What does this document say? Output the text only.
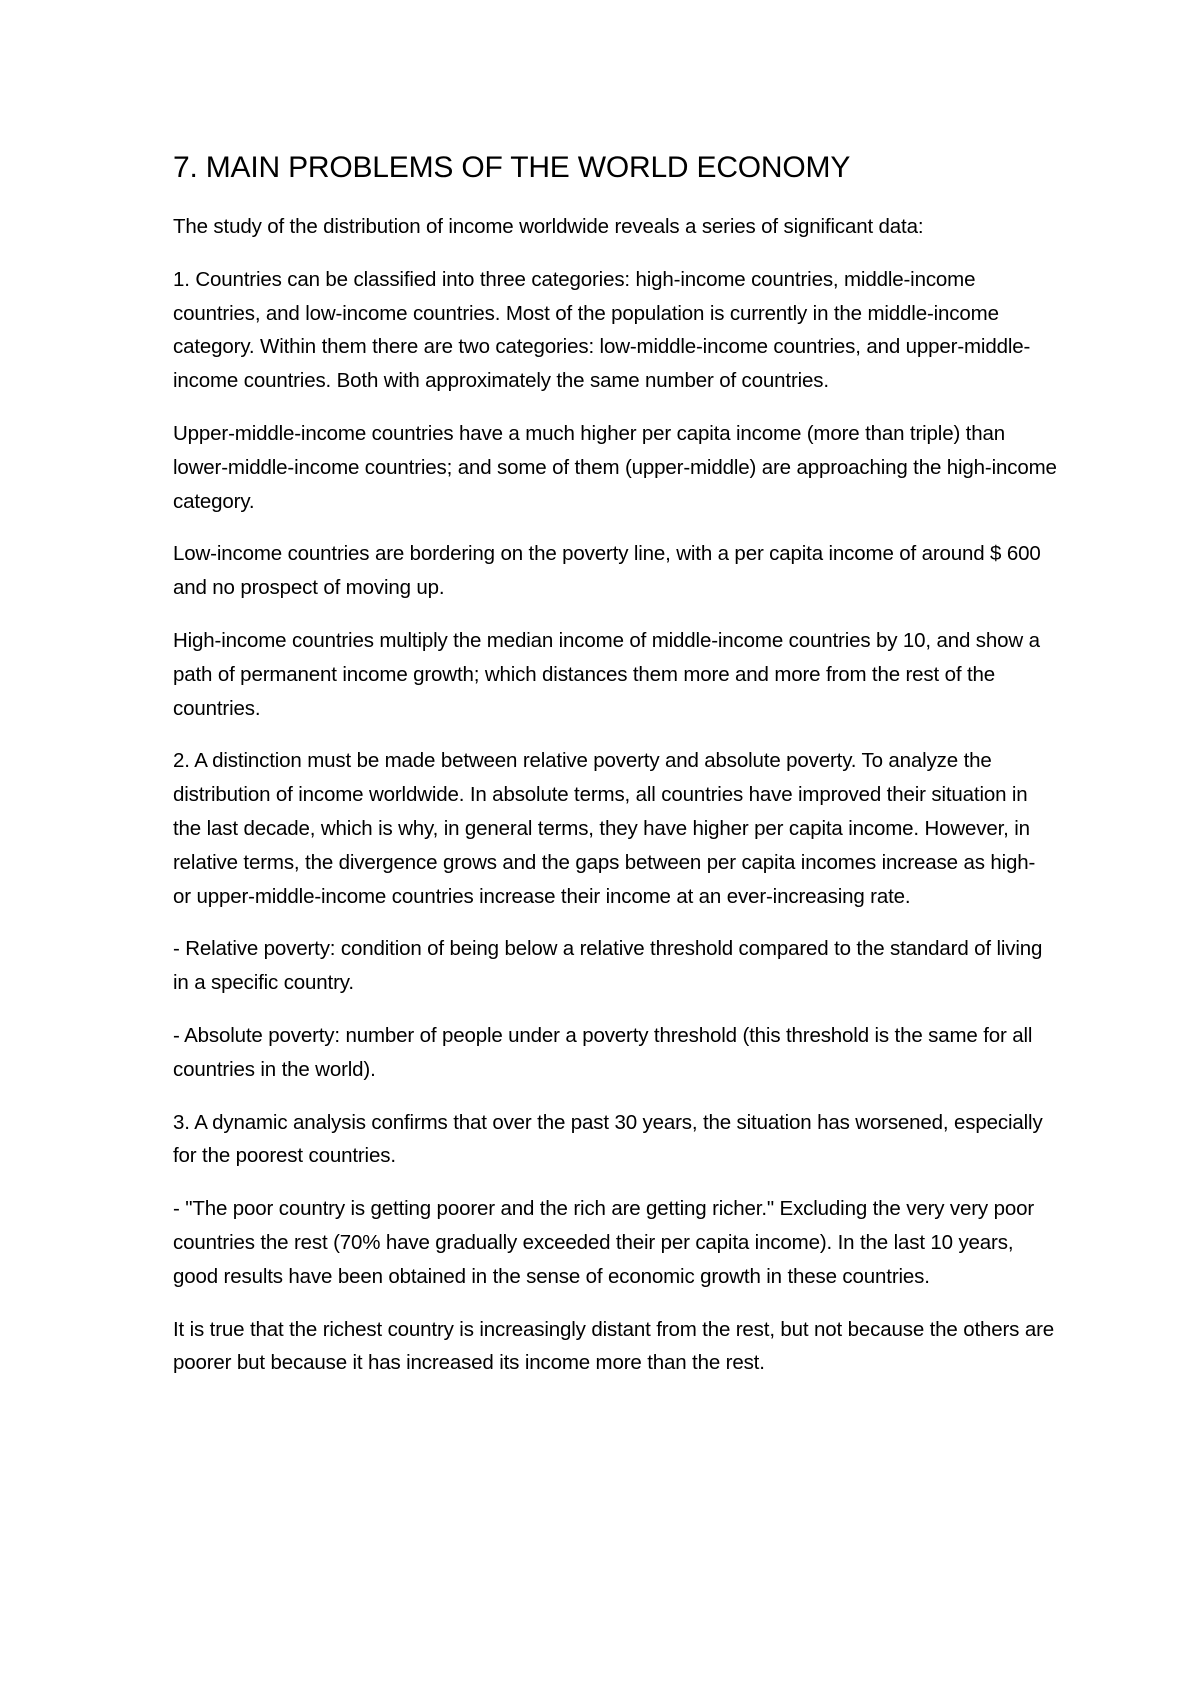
7. MAIN PROBLEMS OF THE WORLD ECONOMY

The study of the distribution of income worldwide reveals a series of significant data:

1. Countries can be classified into three categories: high-income countries, middle-income countries, and low-income countries. Most of the population is currently in the middle-income category. Within them there are two categories: low-middle-income countries, and upper-middle-income countries. Both with approximately the same number of countries.

Upper-middle-income countries have a much higher per capita income (more than triple) than lower-middle-income countries; and some of them (upper-middle) are approaching the high-income category.

Low-income countries are bordering on the poverty line, with a per capita income of around $ 600 and no prospect of moving up.

High-income countries multiply the median income of middle-income countries by 10, and show a path of permanent income growth; which distances them more and more from the rest of the countries.

2. A distinction must be made between relative poverty and absolute poverty. To analyze the distribution of income worldwide. In absolute terms, all countries have improved their situation in the last decade, which is why, in general terms, they have higher per capita income. However, in relative terms, the divergence grows and the gaps between per capita incomes increase as high- or upper-middle-income countries increase their income at an ever-increasing rate.

- Relative poverty: condition of being below a relative threshold compared to the standard of living in a specific country.

- Absolute poverty: number of people under a poverty threshold (this threshold is the same for all countries in the world).

3. A dynamic analysis confirms that over the past 30 years, the situation has worsened, especially for the poorest countries.

- "The poor country is getting poorer and the rich are getting richer." Excluding the very very poor countries the rest (70% have gradually exceeded their per capita income). In the last 10 years, good results have been obtained in the sense of economic growth in these countries.

It is true that the richest country is increasingly distant from the rest, but not because the others are poorer but because it has increased its income more than the rest.
